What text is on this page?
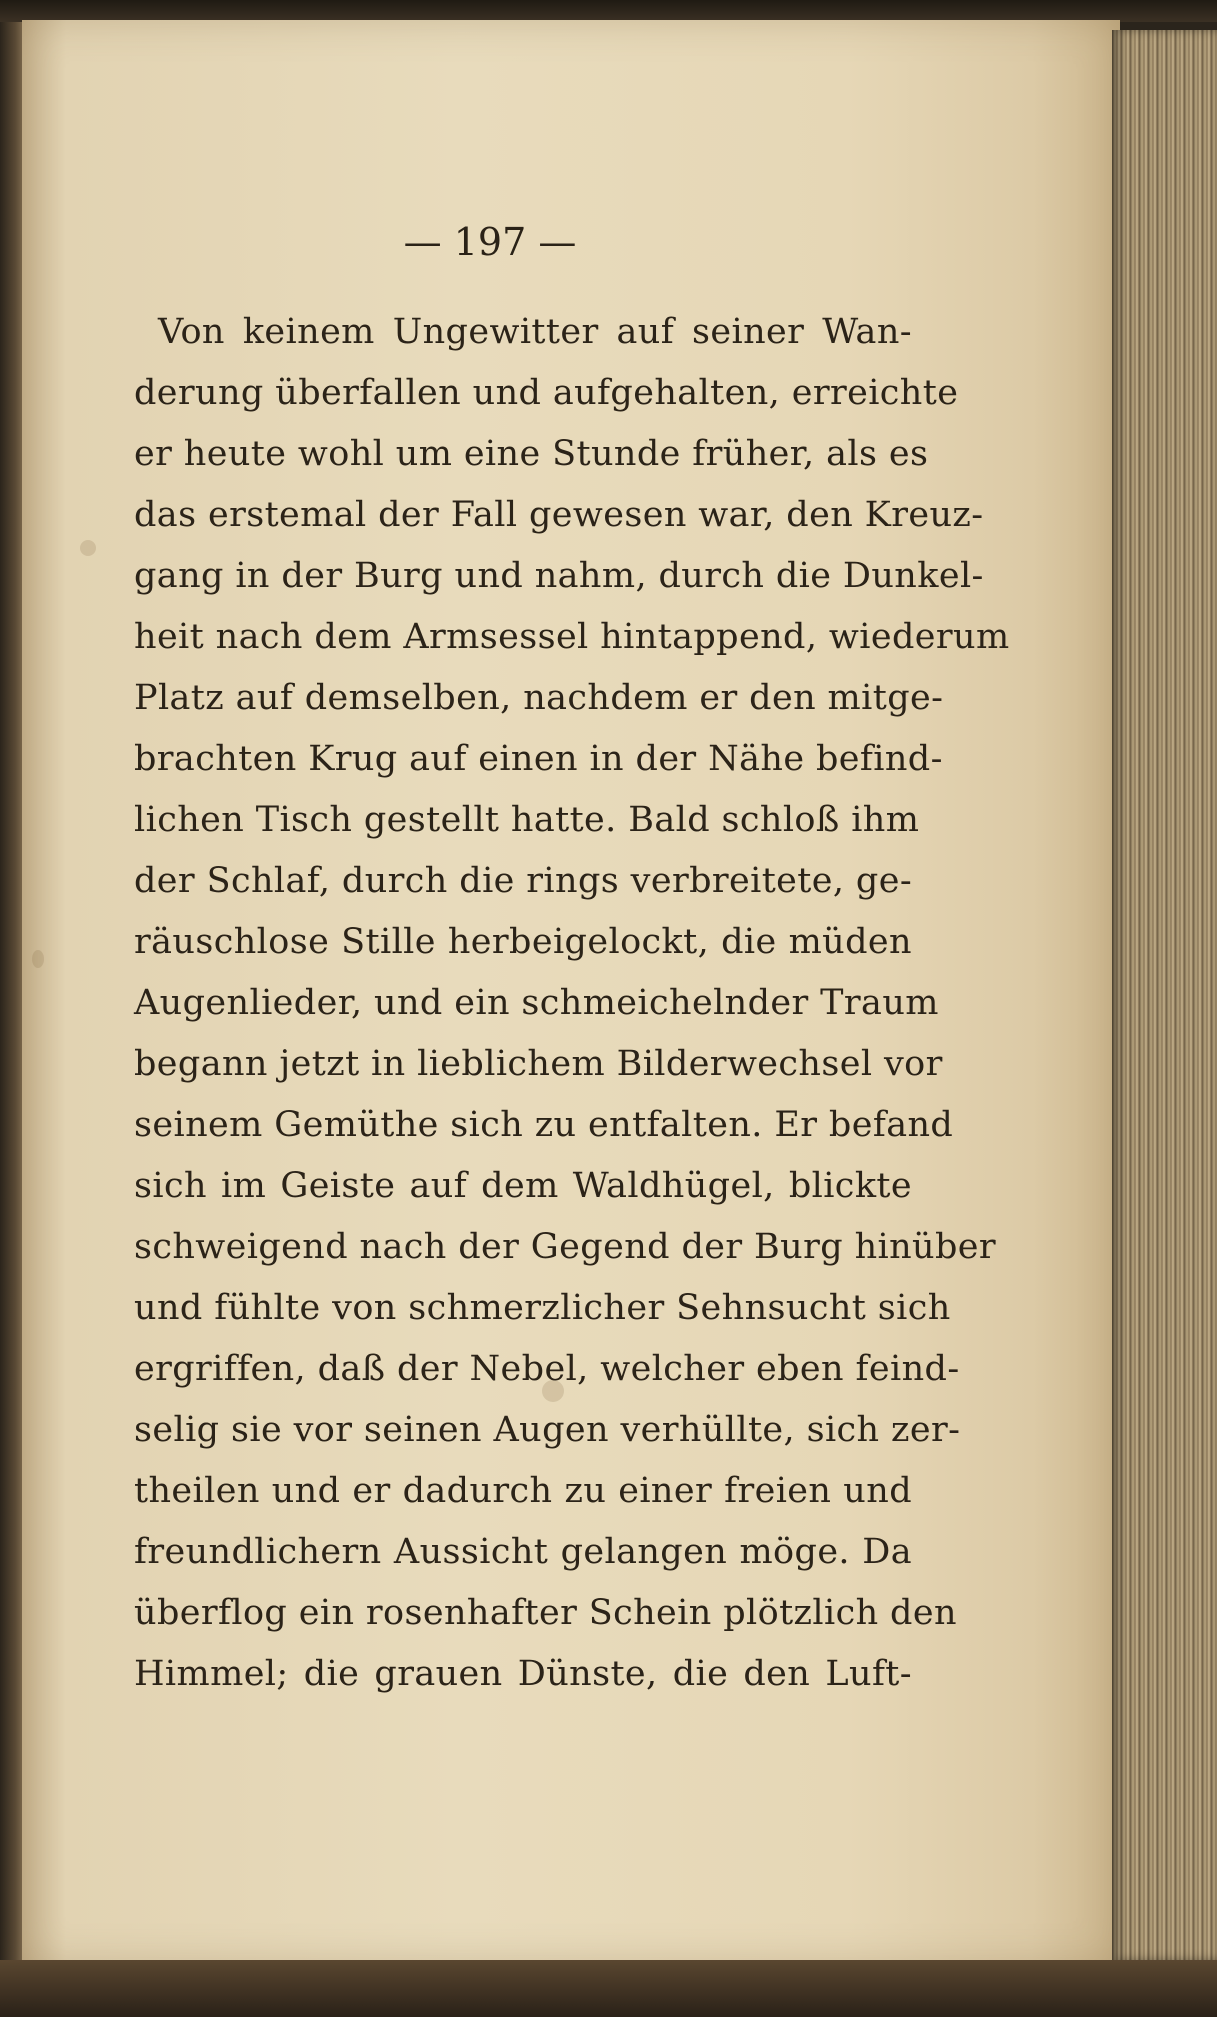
— 197 —
Von keinem Ungewitter auf seiner Wan-
derung überfallen und aufgehalten, erreichte
er heute wohl um eine Stunde früher, als es
das erstemal der Fall gewesen war, den Kreuz-
gang in der Burg und nahm, durch die Dunkel-
heit nach dem Armsessel hintappend, wiederum
Platz auf demselben, nachdem er den mitge-
brachten Krug auf einen in der Nähe befind-
lichen Tisch gestellt hatte. Bald schloß ihm
der Schlaf, durch die rings verbreitete, ge-
räuschlose Stille herbeigelockt, die müden
Augenlieder, und ein schmeichelnder Traum
begann jetzt in lieblichem Bilderwechsel vor
seinem Gemüthe sich zu entfalten. Er befand
sich im Geiste auf dem Waldhügel, blickte
schweigend nach der Gegend der Burg hinüber
und fühlte von schmerzlicher Sehnsucht sich
ergriffen, daß der Nebel, welcher eben feind-
selig sie vor seinen Augen verhüllte, sich zer-
theilen und er dadurch zu einer freien und
freundlichern Aussicht gelangen möge. Da
überflog ein rosenhafter Schein plötzlich den
Himmel; die grauen Dünste, die den Luft-
